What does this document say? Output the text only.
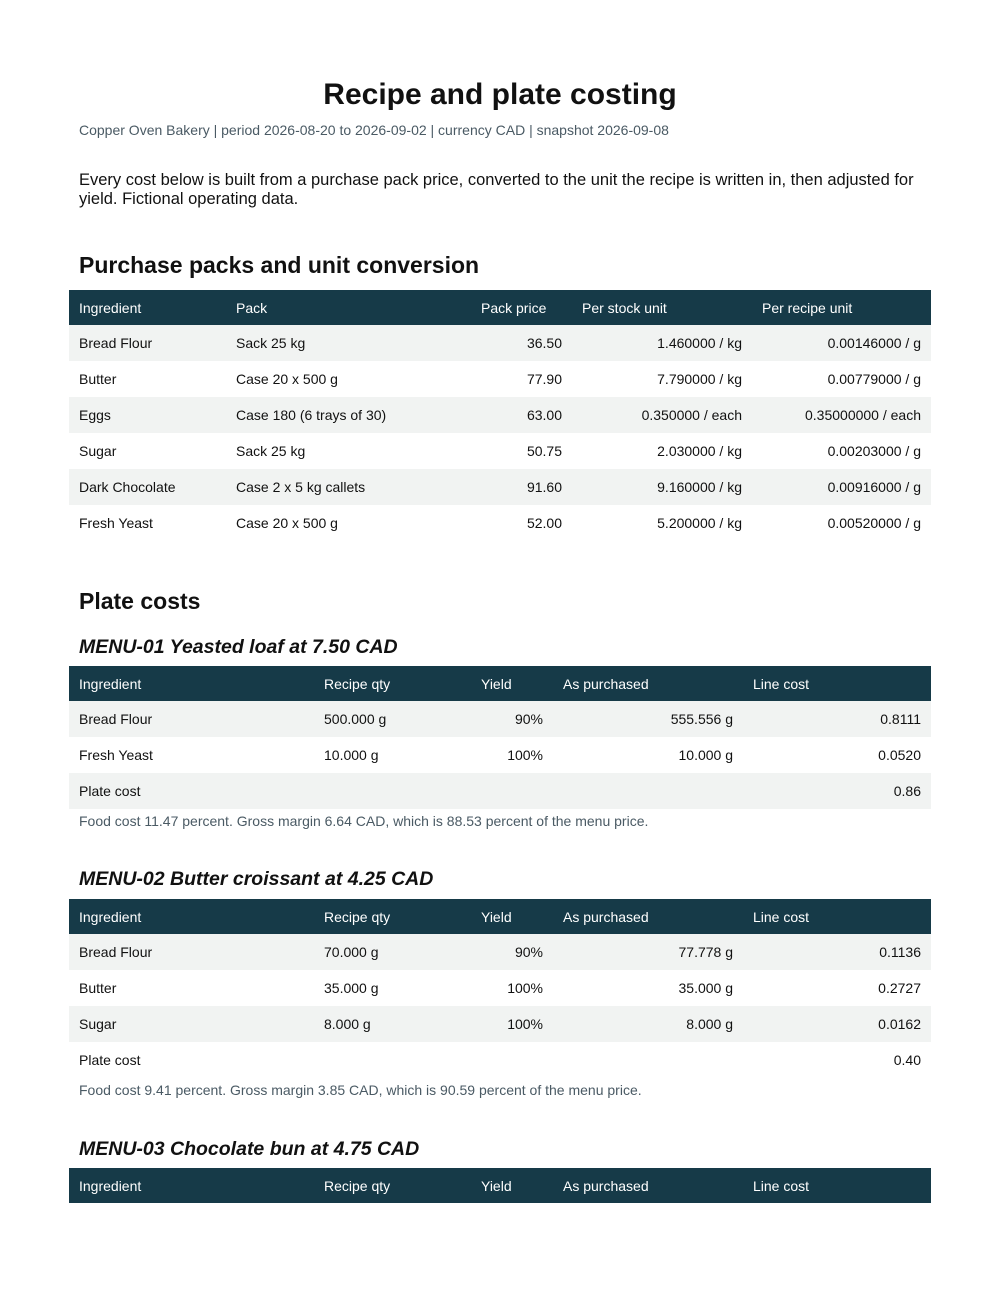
Recipe and plate costing
Copper Oven Bakery | period 2026-08-20 to 2026-09-02 | currency CAD | snapshot 2026-09-08

Every cost below is built from a purchase pack price, converted to the unit the recipe is written in, then adjusted for yield. Fictional operating data.

Purchase packs and unit conversion
Ingredient	Pack	Pack price	Per stock unit	Per recipe unit
Bread Flour	Sack 25 kg	36.50	1.460000 / kg	0.00146000 / g
Butter	Case 20 x 500 g	77.90	7.790000 / kg	0.00779000 / g
Eggs	Case 180 (6 trays of 30)	63.00	0.350000 / each	0.35000000 / each
Sugar	Sack 25 kg	50.75	2.030000 / kg	0.00203000 / g
Dark Chocolate	Case 2 x 5 kg callets	91.60	9.160000 / kg	0.00916000 / g
Fresh Yeast	Case 20 x 500 g	52.00	5.200000 / kg	0.00520000 / g
Plate costs
MENU-01 Yeasted loaf at 7.50 CAD
Ingredient	Recipe qty	Yield	As purchased	Line cost
Bread Flour	500.000 g	90%	555.556 g	0.8111
Fresh Yeast	10.000 g	100%	10.000 g	0.0520
Plate cost				0.86
Food cost 11.47 percent. Gross margin 6.64 CAD, which is 88.53 percent of the menu price.
MENU-02 Butter croissant at 4.25 CAD
Ingredient	Recipe qty	Yield	As purchased	Line cost
Bread Flour	70.000 g	90%	77.778 g	0.1136
Butter	35.000 g	100%	35.000 g	0.2727
Sugar	8.000 g	100%	8.000 g	0.0162
Plate cost				0.40
Food cost 9.41 percent. Gross margin 3.85 CAD, which is 90.59 percent of the menu price.
MENU-03 Chocolate bun at 4.75 CAD
Ingredient	Recipe qty	Yield	As purchased	Line cost
